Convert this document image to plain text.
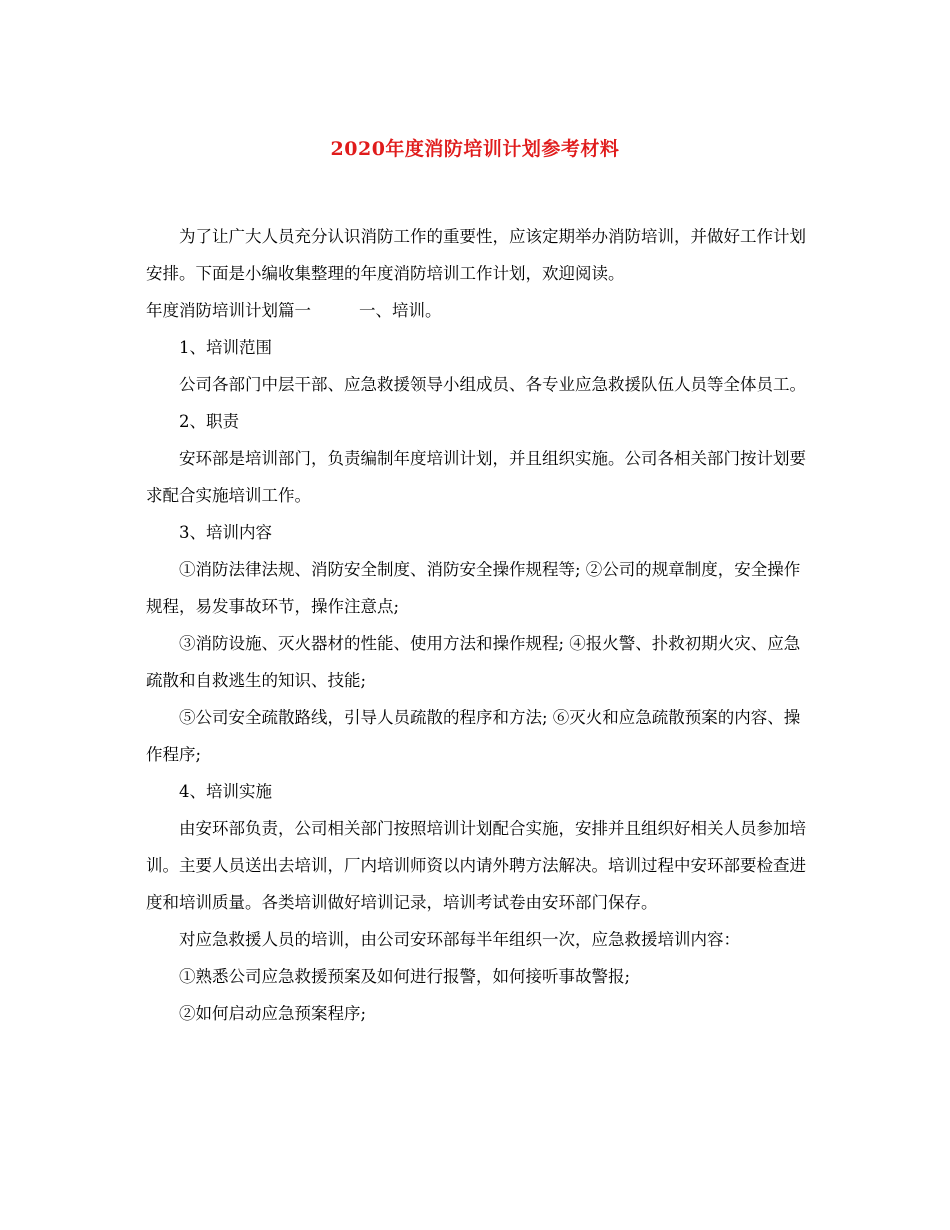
2020年度消防培训计划参考材料

为了让广大人员充分认识消防工作的重要性，应该定期举办消防培训，并做好工作计划安排。下面是小编收集整理的年度消防培训工作计划，欢迎阅读。

年度消防培训计划篇一	一、培训。

1、培训范围

公司各部门中层干部、应急救援领导小组成员、各专业应急救援队伍人员等全体员工。

2、职责

安环部是培训部门，负责编制年度培训计划，并且组织实施。公司各相关部门按计划要求配合实施培训工作。

3、培训内容

①消防法律法规、消防安全制度、消防安全操作规程等; ②公司的规章制度，安全操作规程，易发事故环节，操作注意点;

③消防设施、灭火器材的性能、使用方法和操作规程; ④报火警、扑救初期火灾、应急疏散和自救逃生的知识、技能;

⑤公司安全疏散路线，引导人员疏散的程序和方法; ⑥灭火和应急疏散预案的内容、操作程序;

4、培训实施

由安环部负责，公司相关部门按照培训计划配合实施，安排并且组织好相关人员参加培训。主要人员送出去培训，厂内培训师资以内请外聘方法解决。培训过程中安环部要检查进度和培训质量。各类培训做好培训记录，培训考试卷由安环部门保存。

对应急救援人员的培训，由公司安环部每半年组织一次，应急救援培训内容：

①熟悉公司应急救援预案及如何进行报警，如何接听事故警报;

②如何启动应急预案程序;
